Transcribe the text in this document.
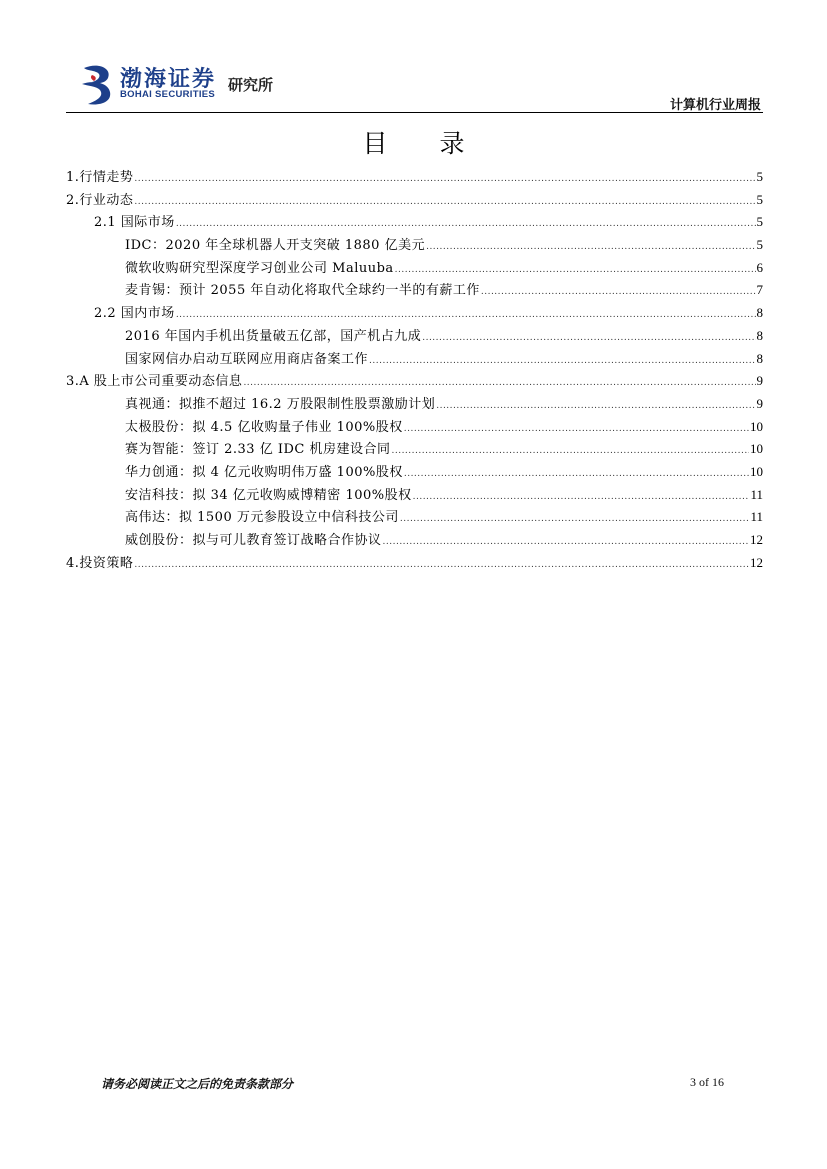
渤海证券
BOHAI SECURITIES
研究所
计算机行业周报
目 录
1.行情走势 .....	5
2.行业动态 .....	5
2.1 国际市场 .....	5
IDC：2020 年全球机器人开支突破 1880 亿美元 .....	5
微软收购研究型深度学习创业公司 Maluuba .....	6
麦肯锡：预计 2055 年自动化将取代全球约一半的有薪工作 .....	7
2.2 国内市场 .....	8
2016 年国内手机出货量破五亿部，国产机占九成 .....	8
国家网信办启动互联网应用商店备案工作 .....	8
3.A 股上市公司重要动态信息 .....	9
真视通：拟推不超过 16.2 万股限制性股票激励计划 .....	9
太极股份：拟 4.5 亿收购量子伟业 100%股权 .....	10
赛为智能：签订 2.33 亿 IDC 机房建设合同 .....	10
华力创通：拟 4 亿元收购明伟万盛 100%股权 .....	10
安洁科技：拟 34 亿元收购威博精密 100%股权 .....	11
高伟达：拟 1500 万元参股设立中信科技公司 .....	11
威创股份：拟与可儿教育签订战略合作协议 .....	12
4.投资策略 .....	12
请务必阅读正文之后的免责条款部分	3 of 16
